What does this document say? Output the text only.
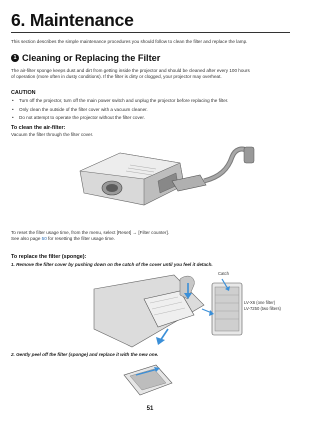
6. Maintenance

This section describes the simple maintenance procedures you should follow to clean the filter and replace the lamp.

1 Cleaning or Replacing the Filter

The air-filter sponge keeps dust and dirt from getting inside the projector and should be cleaned after every 100 hours

of operation (more often in dusty conditions). If the filter is dirty or clogged, your projector may overheat.

CAUTION
• Turn off the projector, turn off the main power switch and unplug the projector before replacing the filter.
• Only clean the outside of the filter cover with a vacuum cleaner.
• Do not attempt to operate the projector without the filter cover.
To clean the air-filter:

Vacuum the filter through the filter cover.

To reset the filter usage time, from the menu, select [Reset] → [Filter counter].

See also page 50 for resetting the filter usage time.

To replace the filter (sponge):

1. Remove the filter cover by pushing down on the catch of the cover until you feel it detach.

Catch
LV-X6 (one filter)
LV-7250 (two filters)

2. Gently peel off the filter (sponge) and replace it with the new one.

51
